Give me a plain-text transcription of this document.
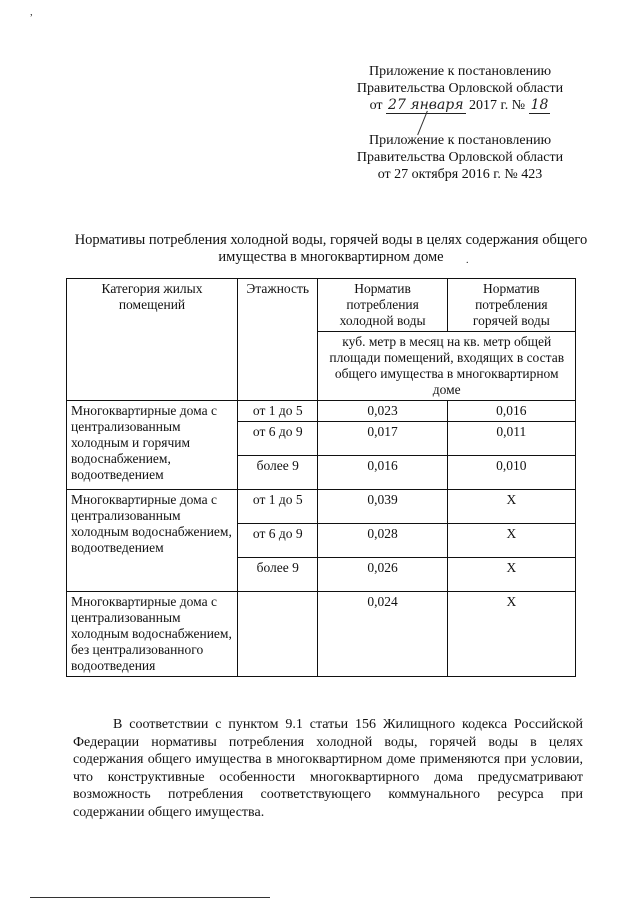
,
Приложение к постановлению
Правительства Орловской области
от 27 января 2017 г. № 18
Приложение к постановлению
Правительства Орловской области
от 27 октября 2016 г. № 423
Нормативы потребления холодной воды, горячей воды в целях содержания общего имущества в многоквартирном доме	.
Категория жилых помещений	Этажность	Норматив потребления холодной воды	Норматив потребления горячей воды
		куб. метр в месяц на кв. метр общей площади помещений, входящих в состав общего имущества в многоквартирном доме	
Многоквартирные дома с централизованным холодным и горячим водоснабжением, водоотведением	от 1 до 5	0,023	0,016
	от 6 до 9	0,017	0,011
	более 9	0,016	0,010
Многоквартирные дома с централизованным холодным водоснабжением, водоотведением	от 1 до 5	0,039	X
	от 6 до 9	0,028	X
	более 9	0,026	X
Многоквартирные дома с централизованным холодным водоснабжением, без централизованного водоотведения		0,024	X

В соответствии с пунктом 9.1 статьи 156 Жилищного кодекса Российской Федерации нормативы потребления холодной воды, горячей воды в целях содержания общего имущества в многоквартирном доме применяются при условии, что конструктивные особенности многоквартирного дома предусматривают возможность потребления соответствующего коммунального ресурса при содержании общего имущества.
